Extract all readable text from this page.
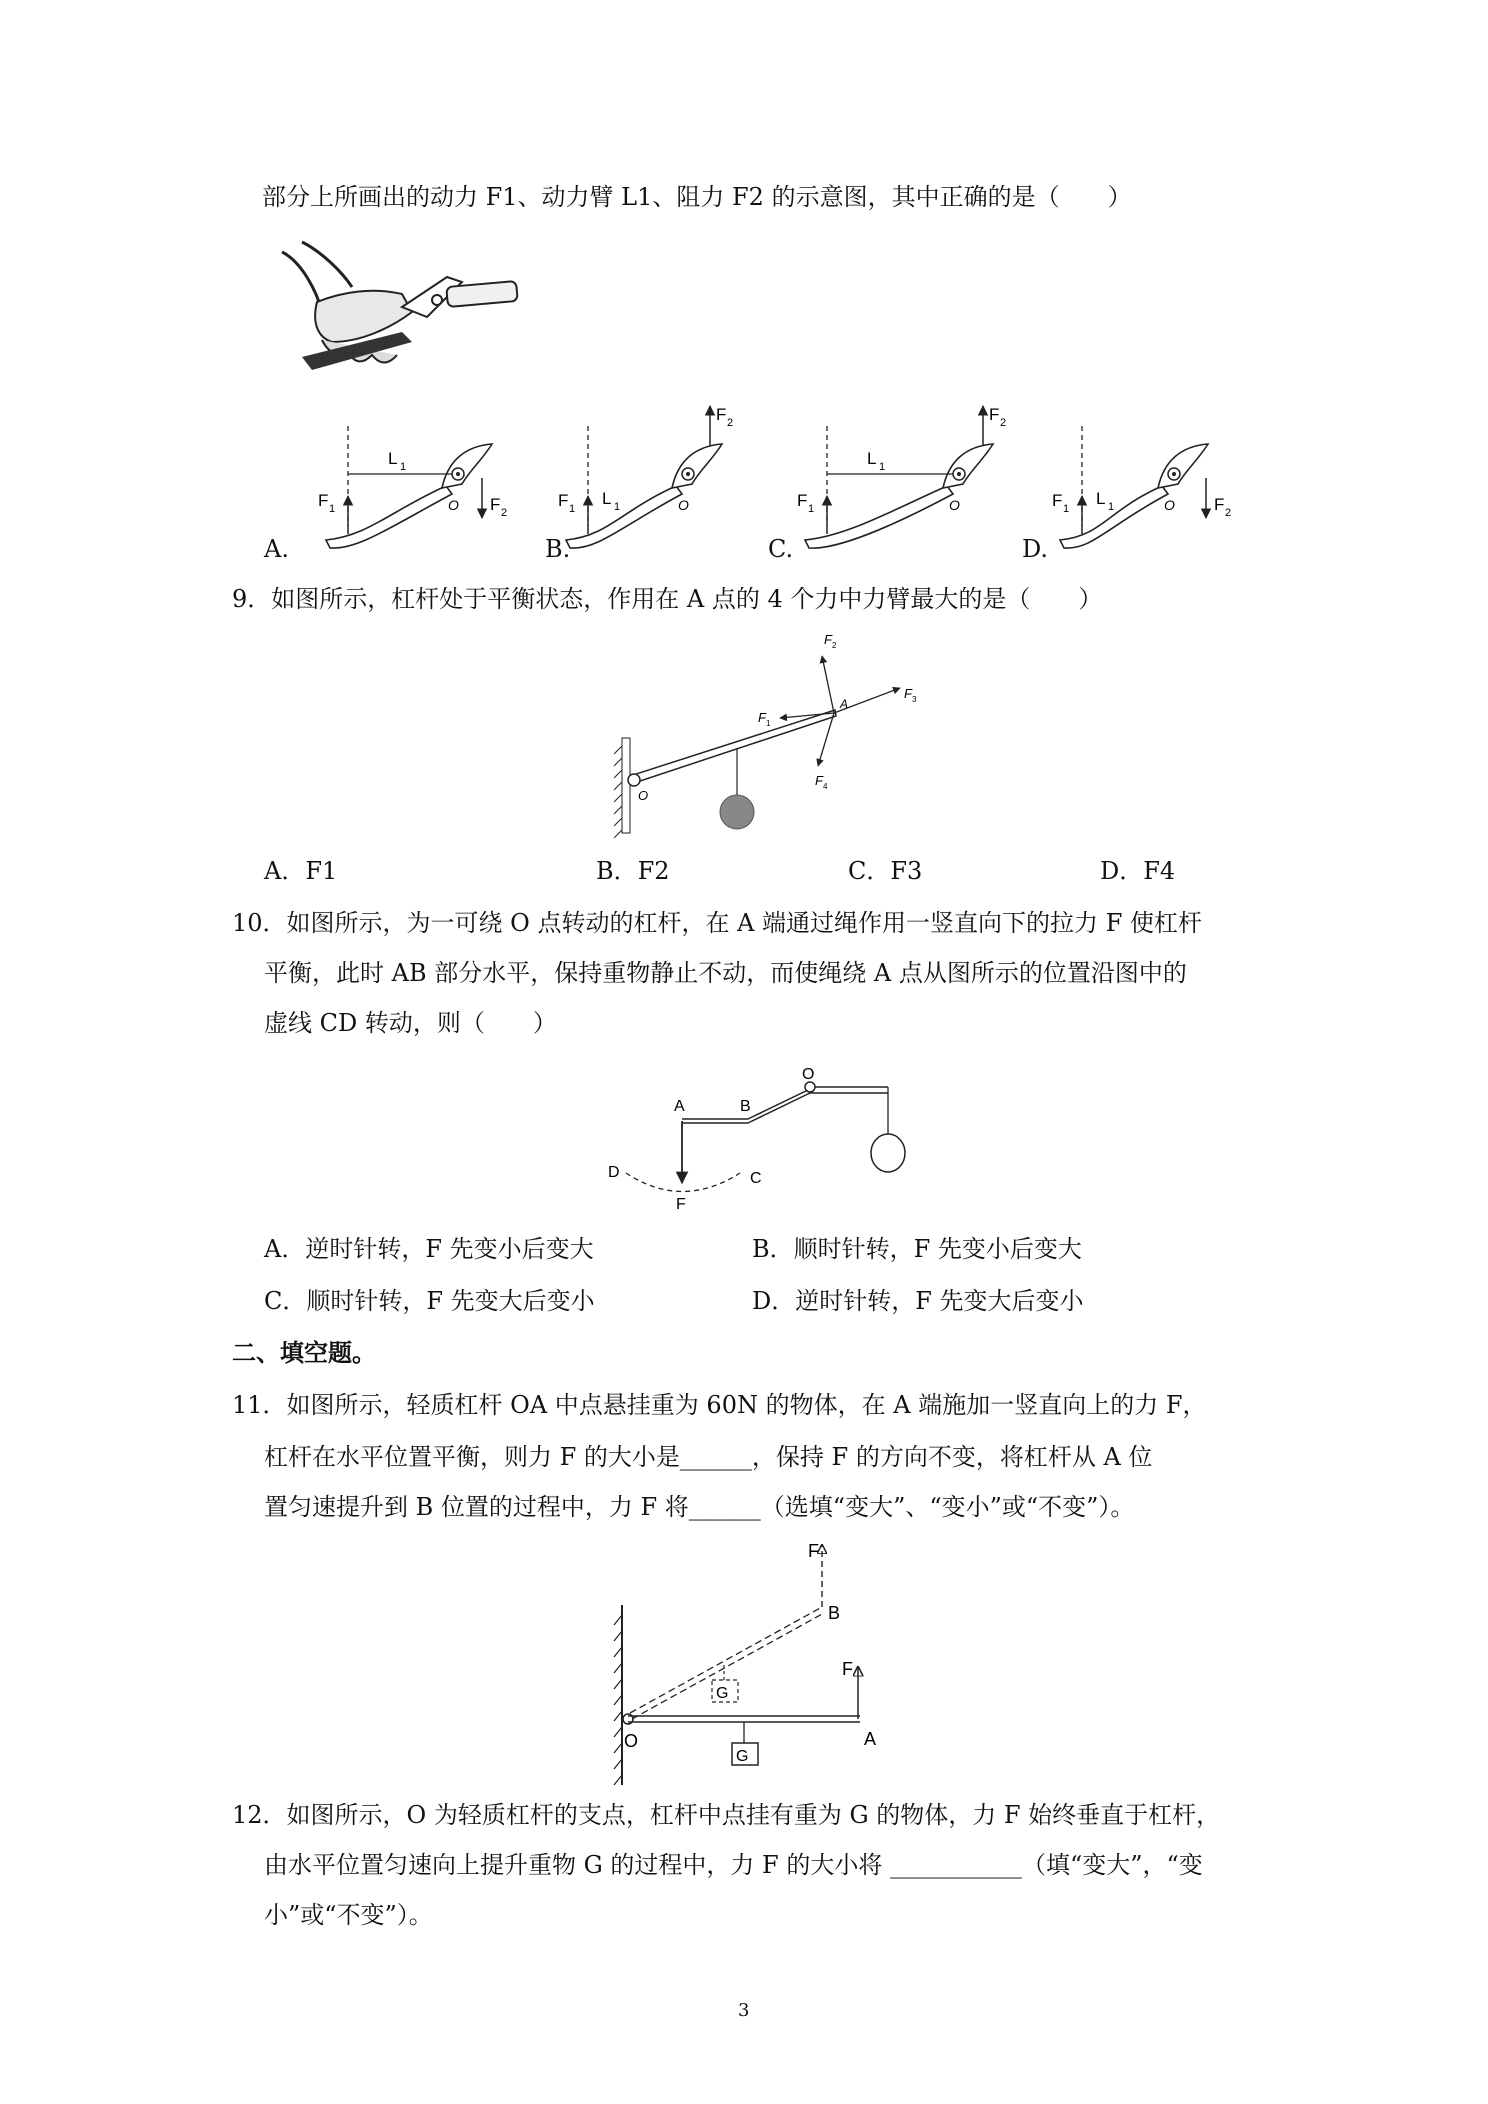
部分上所画出的动力 F1、动力臂 L1、阻力 F2 的示意图，其中正确的是（　　）
O
F 1
L 1
F 2	O
F 1
L 1
F 2
O
F 1
L 1
F 2
O
F 1
L 1	F 2
A.	B.	C.	D.
9．如图所示，杠杆处于平衡状态，作用在 A 点的 4 个力中力臂最大的是（　　）
O
A
F 1
F 2
F 3
F 4
A．F1	B．F2	C．F3	D．F4
10．如图所示，为一可绕 O 点转动的杠杆，在 A 端通过绳作用一竖直向下的拉力 F 使杠杆
平衡，此时 AB 部分水平，保持重物静止不动，而使绳绕 A 点从图所示的位置沿图中的
虚线 CD 转动，则（　　）
A	B
O
C
D
F
A．逆时针转，F 先变小后变大	B．顺时针转，F 先变小后变大
C．顺时针转，F 先变大后变小	D．逆时针转，F 先变大后变小
二、填空题。
11．如图所示，轻质杠杆 OA 中点悬挂重为 60N 的物体，在 A 端施加一竖直向上的力 F，
杠杆在水平位置平衡，则力 F 的大小是______，保持 F 的方向不变，将杠杆从 A 位
置匀速提升到 B 位置的过程中，力 F 将______（选填“变大”、“变小”或“不变”）。
G
G
F
B
F
A
O
12．如图所示，O 为轻质杠杆的支点，杠杆中点挂有重为 G 的物体，力 F 始终垂直于杠杆，
由水平位置匀速向上提升重物 G 的过程中，力 F 的大小将 ___________（填“变大”，“变
小”或“不变”）。
3
